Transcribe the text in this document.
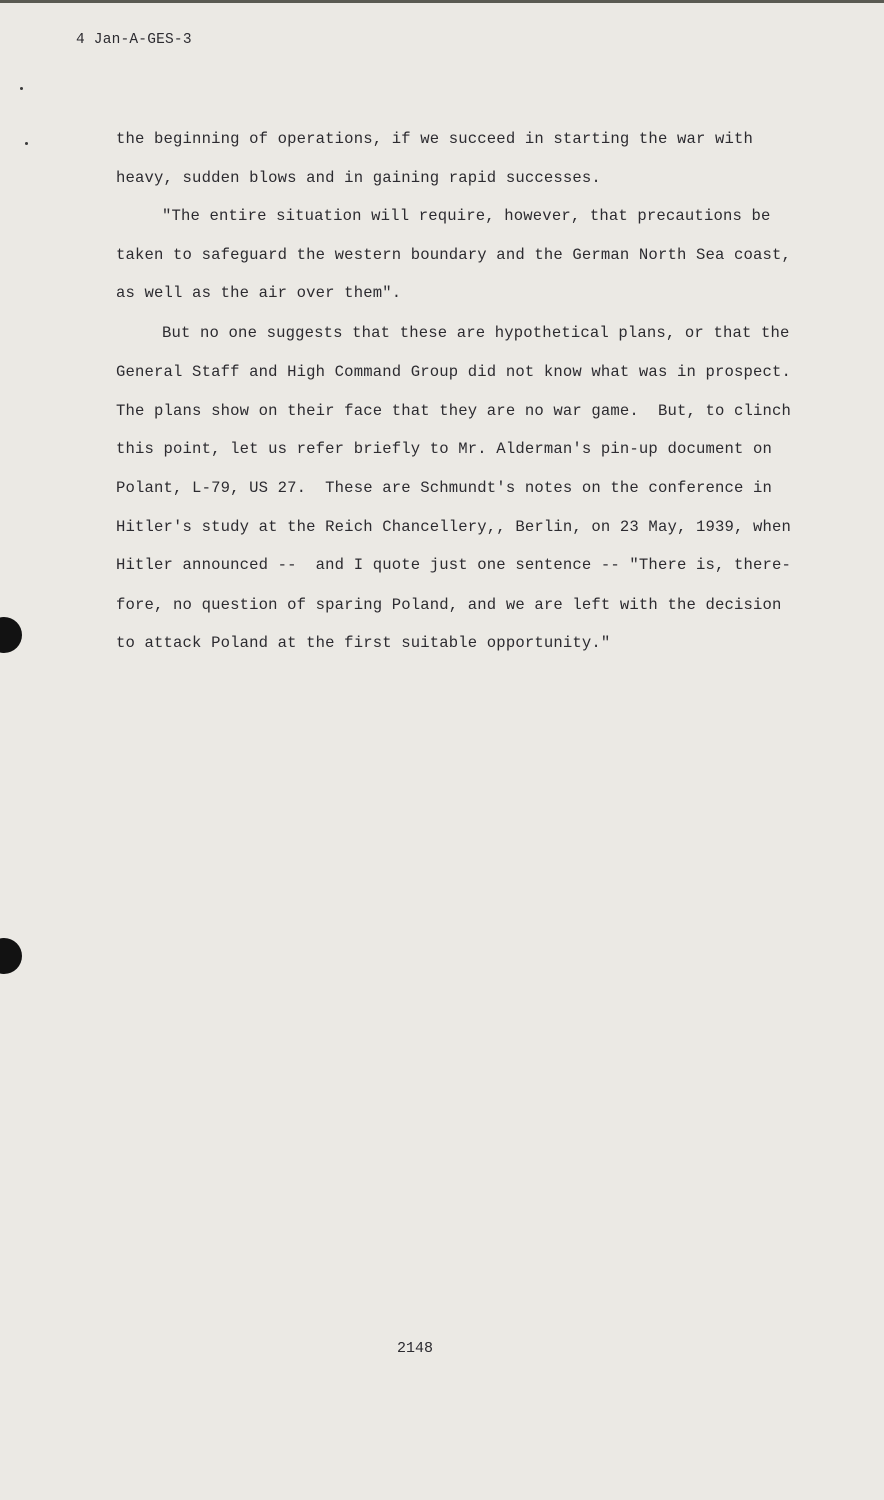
4 Jan-A-GES-3
the beginning of operations, if we succeed in starting the war with
heavy, sudden blows and in gaining rapid successes.
"The entire situation will require, however, that precautions be
taken to safeguard the western boundary and the German North Sea coast,
as well as the air over them".
But no one suggests that these are hypothetical plans, or that the
General Staff and High Command Group did not know what was in prospect.
The plans show on their face that they are no war game.  But, to clinch
this point, let us refer briefly to Mr. Alderman's pin-up document on
Polant, L-79, US 27.  These are Schmundt's notes on the conference in
Hitler's study at the Reich Chancellery,, Berlin, on 23 May, 1939, when
Hitler announced --  and I quote just one sentence -- "There is, there-
fore, no question of sparing Poland, and we are left with the decision
to attack Poland at the first suitable opportunity."
2148
